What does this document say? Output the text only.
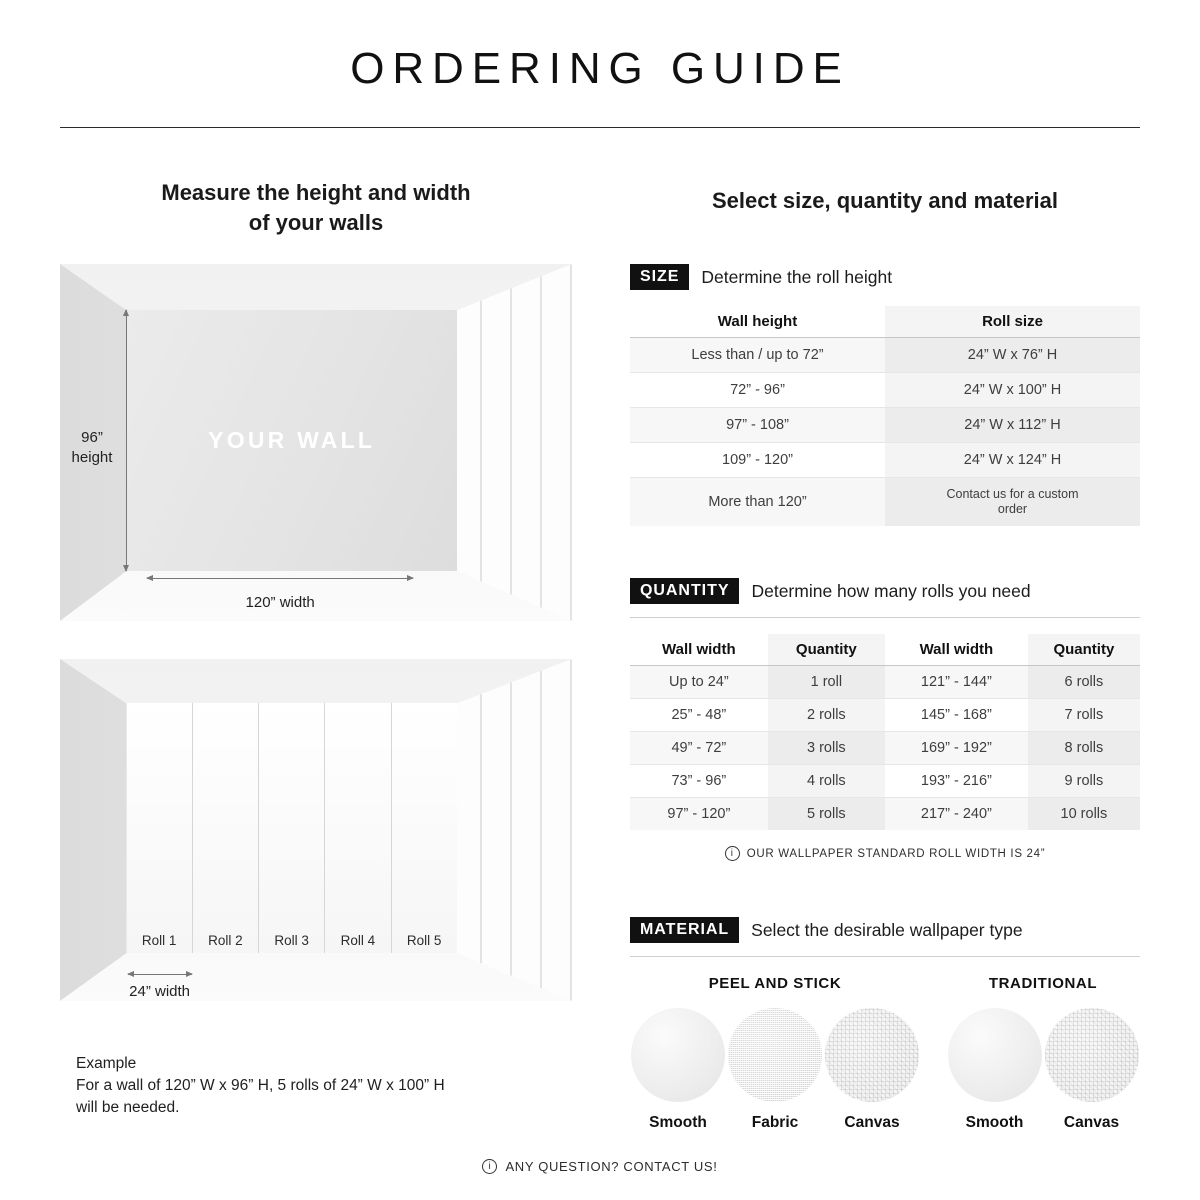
ORDERING GUIDE
Measure the height and width
of your walls
YOUR WALL
96”
height
120” width
Roll 1	Roll 2	Roll 3	Roll 4	Roll 5
24” width
Example
For a wall of 120” W x 96” H, 5 rolls of 24” W x 100” H
will be needed.
Select size, quantity and material
SIZE	Determine the roll height
Wall height	Roll size
Less than / up to 72”	24” W x 76” H
72” - 96”	24” W x 100” H
97” - 108”	24” W x 112” H
109” - 120”	24” W x 124” H
More than 120”	Contact us for a custom order
QUANTITY	Determine how many rolls you need
Wall width	Quantity	Wall width	Quantity
Up to 24”	1 roll	121” - 144”	6 rolls
25” - 48”	2 rolls	145” - 168”	7 rolls
49” - 72”	3 rolls	169” - 192”	8 rolls
73” - 96”	4 rolls	193” - 216”	9 rolls
97” - 120”	5 rolls	217” - 240”	10 rolls
i OUR WALLPAPER STANDARD ROLL WIDTH IS 24”
MATERIAL	Select the desirable wallpaper type
PEEL AND STICK
Smooth	Fabric	Canvas
TRADITIONAL
Smooth	Canvas
i ANY QUESTION? CONTACT US!
